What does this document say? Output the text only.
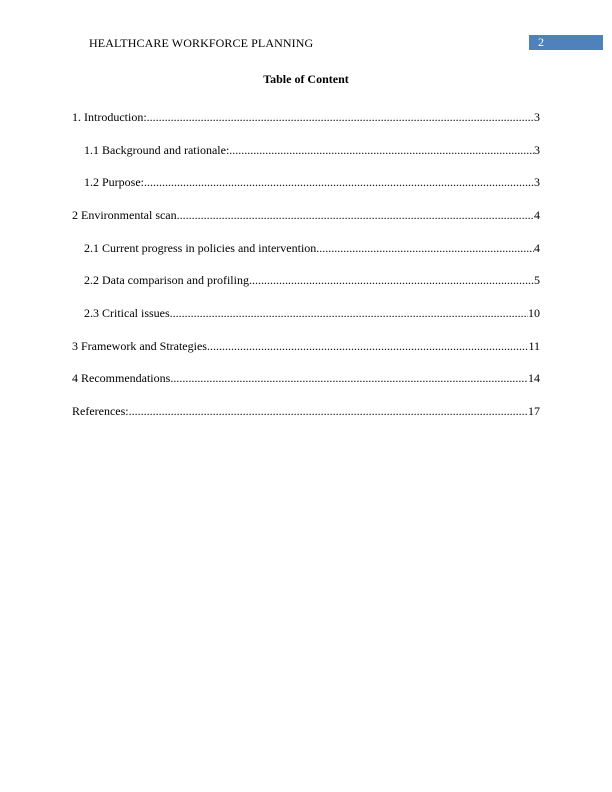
HEALTHCARE WORKFORCE PLANNING	2
Table of Content
1. Introduction: .....	3
1.1 Background and rationale: .....	3
1.2 Purpose: .....	3
2 Environmental scan .....	4
2.1 Current progress in policies and intervention .....	4
2.2 Data comparison and profiling .....	5
2.3 Critical issues .....	10
3 Framework and Strategies .....	11
4 Recommendations .....	14
References: .....	17
